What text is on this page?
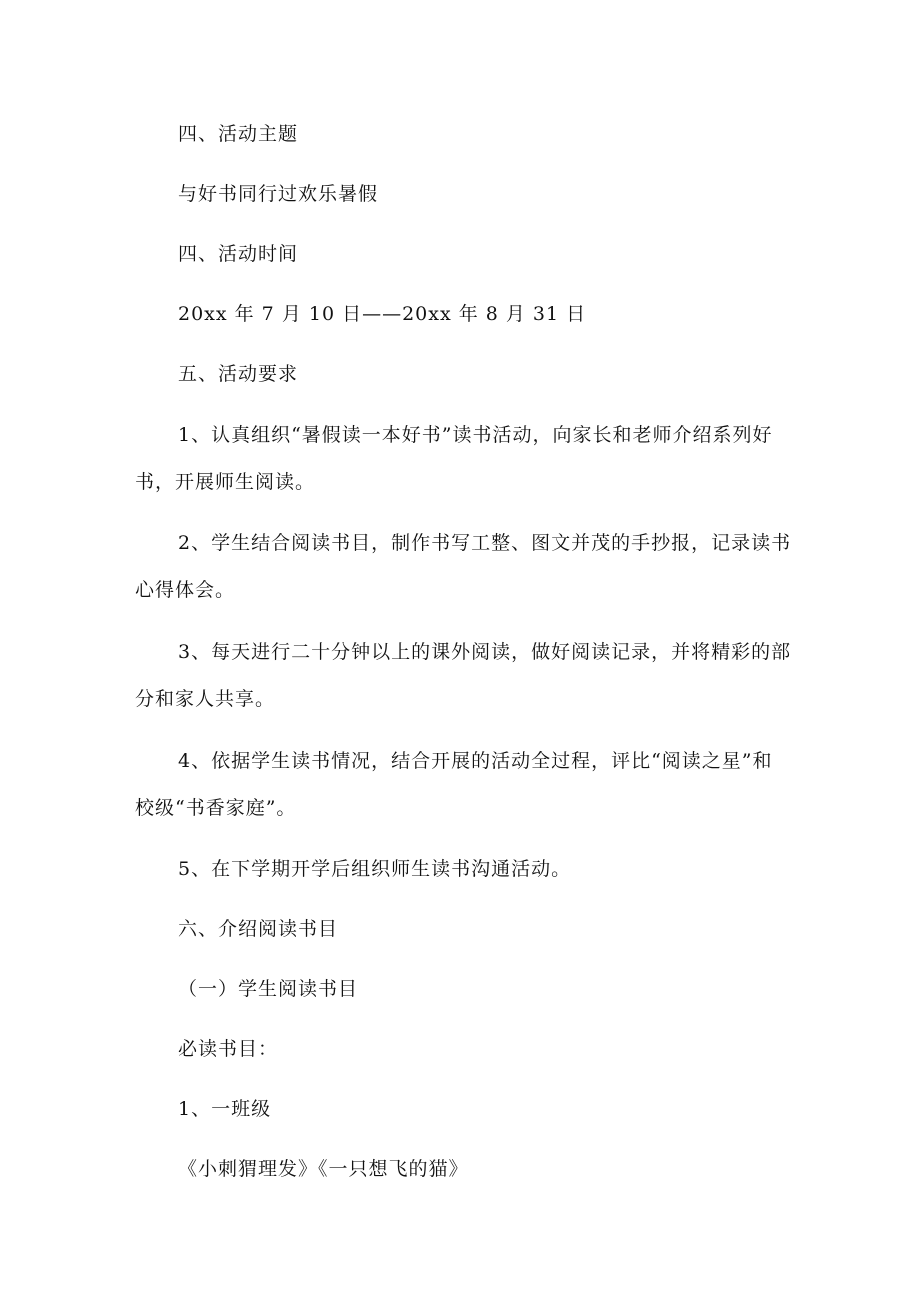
四、活动主题
与好书同行过欢乐暑假
四、活动时间
20xx 年 7 月 10 日——20xx 年 8 月 31 日
五、活动要求
1、认真组织“暑假读一本好书”读书活动，向家长和老师介绍系列好
书，开展师生阅读。
2、学生结合阅读书目，制作书写工整、图文并茂的手抄报，记录读书
心得体会。
3、每天进行二十分钟以上的课外阅读，做好阅读记录，并将精彩的部
分和家人共享。
4、依据学生读书情况，结合开展的活动全过程，评比“阅读之星”和
校级“书香家庭”。
5、在下学期开学后组织师生读书沟通活动。
六、介绍阅读书目
（一）学生阅读书目
必读书目：
1、一班级
《小刺猬理发》《一只想飞的猫》
